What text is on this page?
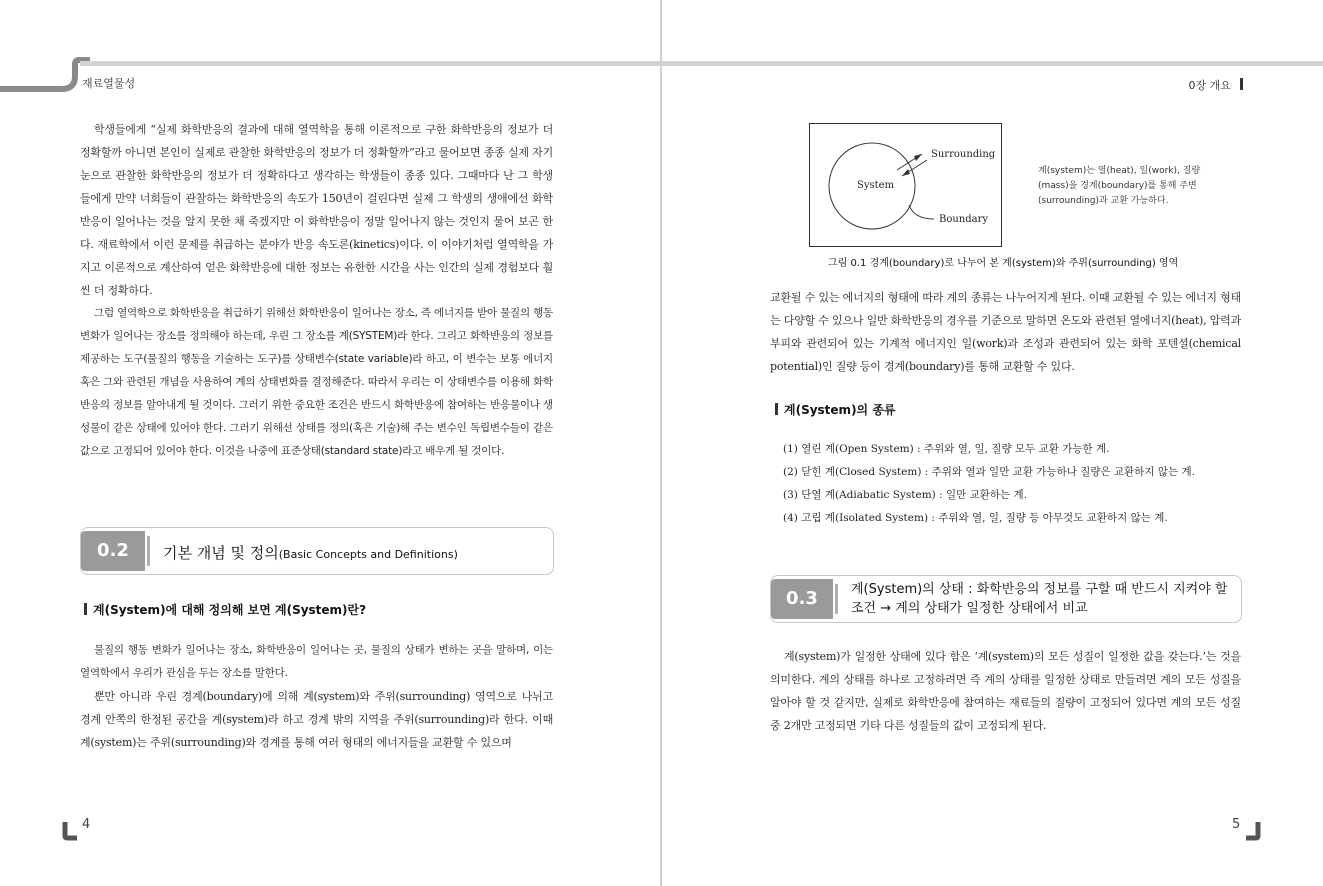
재료열물성	0장 개요

학생들에게 “실제 화학반응의 결과에 대해 열역학을 통해 이론적으로 구한 화학반응의 정보가 더 정확할까 아니면 본인이 실제로 관찰한 화학반응의 정보가 더 정확할까”라고 물어보면 종종 실제 자기 눈으로 관찰한 화학반응의 정보가 더 정확하다고 생각하는 학생들이 종종 있다. 그때마다 난 그 학생들에게 만약 너희들이 관찰하는 화학반응의 속도가 150년이 걸린다면 실제 그 학생의 생애에선 화학반응이 일어나는 것을 알지 못한 채 죽겠지만 이 화학반응이 정말 일어나지 않는 것인지 물어 보곤 한다. 재료학에서 이런 문제를 취급하는 분야가 반응 속도론(kinetics)이다. 이 이야기처럼 열역학을 가지고 이론적으로 계산하여 얻은 화학반응에 대한 정보는 유한한 시간을 사는 인간의 실제 경험보다 훨씬 더 정확하다.

그럼 열역학으로 화학반응을 취급하기 위해선 화학반응이 일어나는 장소, 즉 에너지를 받아 물질의 행동 변화가 일어나는 장소를 정의해야 하는데, 우린 그 장소를 계(SYSTEM)라 한다. 그리고 화학반응의 정보를 제공하는 도구(물질의 행동을 기술하는 도구)를 상태변수(state variable)라 하고, 이 변수는 보통 에너지 혹은 그와 관련된 개념을 사용하여 계의 상태변화를 결정해준다. 따라서 우리는 이 상태변수를 이용해 화학반응의 정보를 알아내게 될 것이다. 그러기 위한 중요한 조건은 반드시 화학반응에 참여하는 반응물이나 생성물이 같은 상태에 있어야 한다. 그러기 위해선 상태를 정의(혹은 기술)해 주는 변수인 독립변수들이 같은 값으로 고정되어 있어야 한다. 이것을 나중에 표준상태(standard state)라고 배우게 될 것이다.

0.2	기본 개념 및 정의(Basic Concepts and Definitions)
계(System)에 대해 정의해 보면 계(System)란?

물질의 행동 변화가 일어나는 장소, 화학반응이 일어나는 곳, 물질의 상태가 변하는 곳을 말하며, 이는 열역학에서 우리가 관심을 두는 장소를 말한다.

뿐만 아니라 우린 경계(boundary)에 의해 계(system)와 주위(surrounding) 영역으로 나뉘고 경계 안쪽의 한정된 공간을 계(system)라 하고 경계 밖의 지역을 주위(surrounding)라 한다. 이때 계(system)는 주위(surrounding)와 경계를 통해 여러 형태의 에너지들을 교환할 수 있으며

4
System
Surrounding
Boundary
계(system)는 열(heat), 일(work), 질량(mass)을 경계(boundary)를 통해 주변(surrounding)과 교환 가능하다.
그림 0.1 경계(boundary)로 나누어 본 계(system)와 주위(surrounding) 영역

교환될 수 있는 에너지의 형태에 따라 계의 종류는 나누어지게 된다. 이때 교환될 수 있는 에너지 형태는 다양할 수 있으나 일반 화학반응의 경우를 기준으로 말하면 온도와 관련된 열에너지(heat), 압력과 부피와 관련되어 있는 기계적 에너지인 일(work)과 조성과 관련되어 있는 화학 포텐셜(chemical potential)인 질량 등이 경계(boundary)를 통해 교환할 수 있다.

계(System)의 종류
(1) 열린 계(Open System) : 주위와 열, 일, 질량 모두 교환 가능한 계.
(2) 닫힌 계(Closed System) : 주위와 열과 일만 교환 가능하나 질량은 교환하지 않는 계.
(3) 단열 계(Adiabatic System) : 일만 교환하는 계.
(4) 고립 계(Isolated System) : 주위와 열, 일, 질량 등 아무것도 교환하지 않는 계.
0.3	계(System)의 상태 : 화학반응의 정보를 구할 때 반드시 지켜야 할
조건 → 계의 상태가 일정한 상태에서 비교

계(system)가 일정한 상태에 있다 함은 ‘계(system)의 모든 성질이 일정한 값을 갖는다.’는 것을 의미한다. 계의 상태를 하나로 고정하려면 즉 계의 상태를 일정한 상태로 만들려면 계의 모든 성질을 알아야 할 것 같지만, 실제로 화학반응에 참여하는 재료들의 질량이 고정되어 있다면 계의 모든 성질 중 2개만 고정되면 기타 다른 성질들의 값이 고정되게 된다.

5
